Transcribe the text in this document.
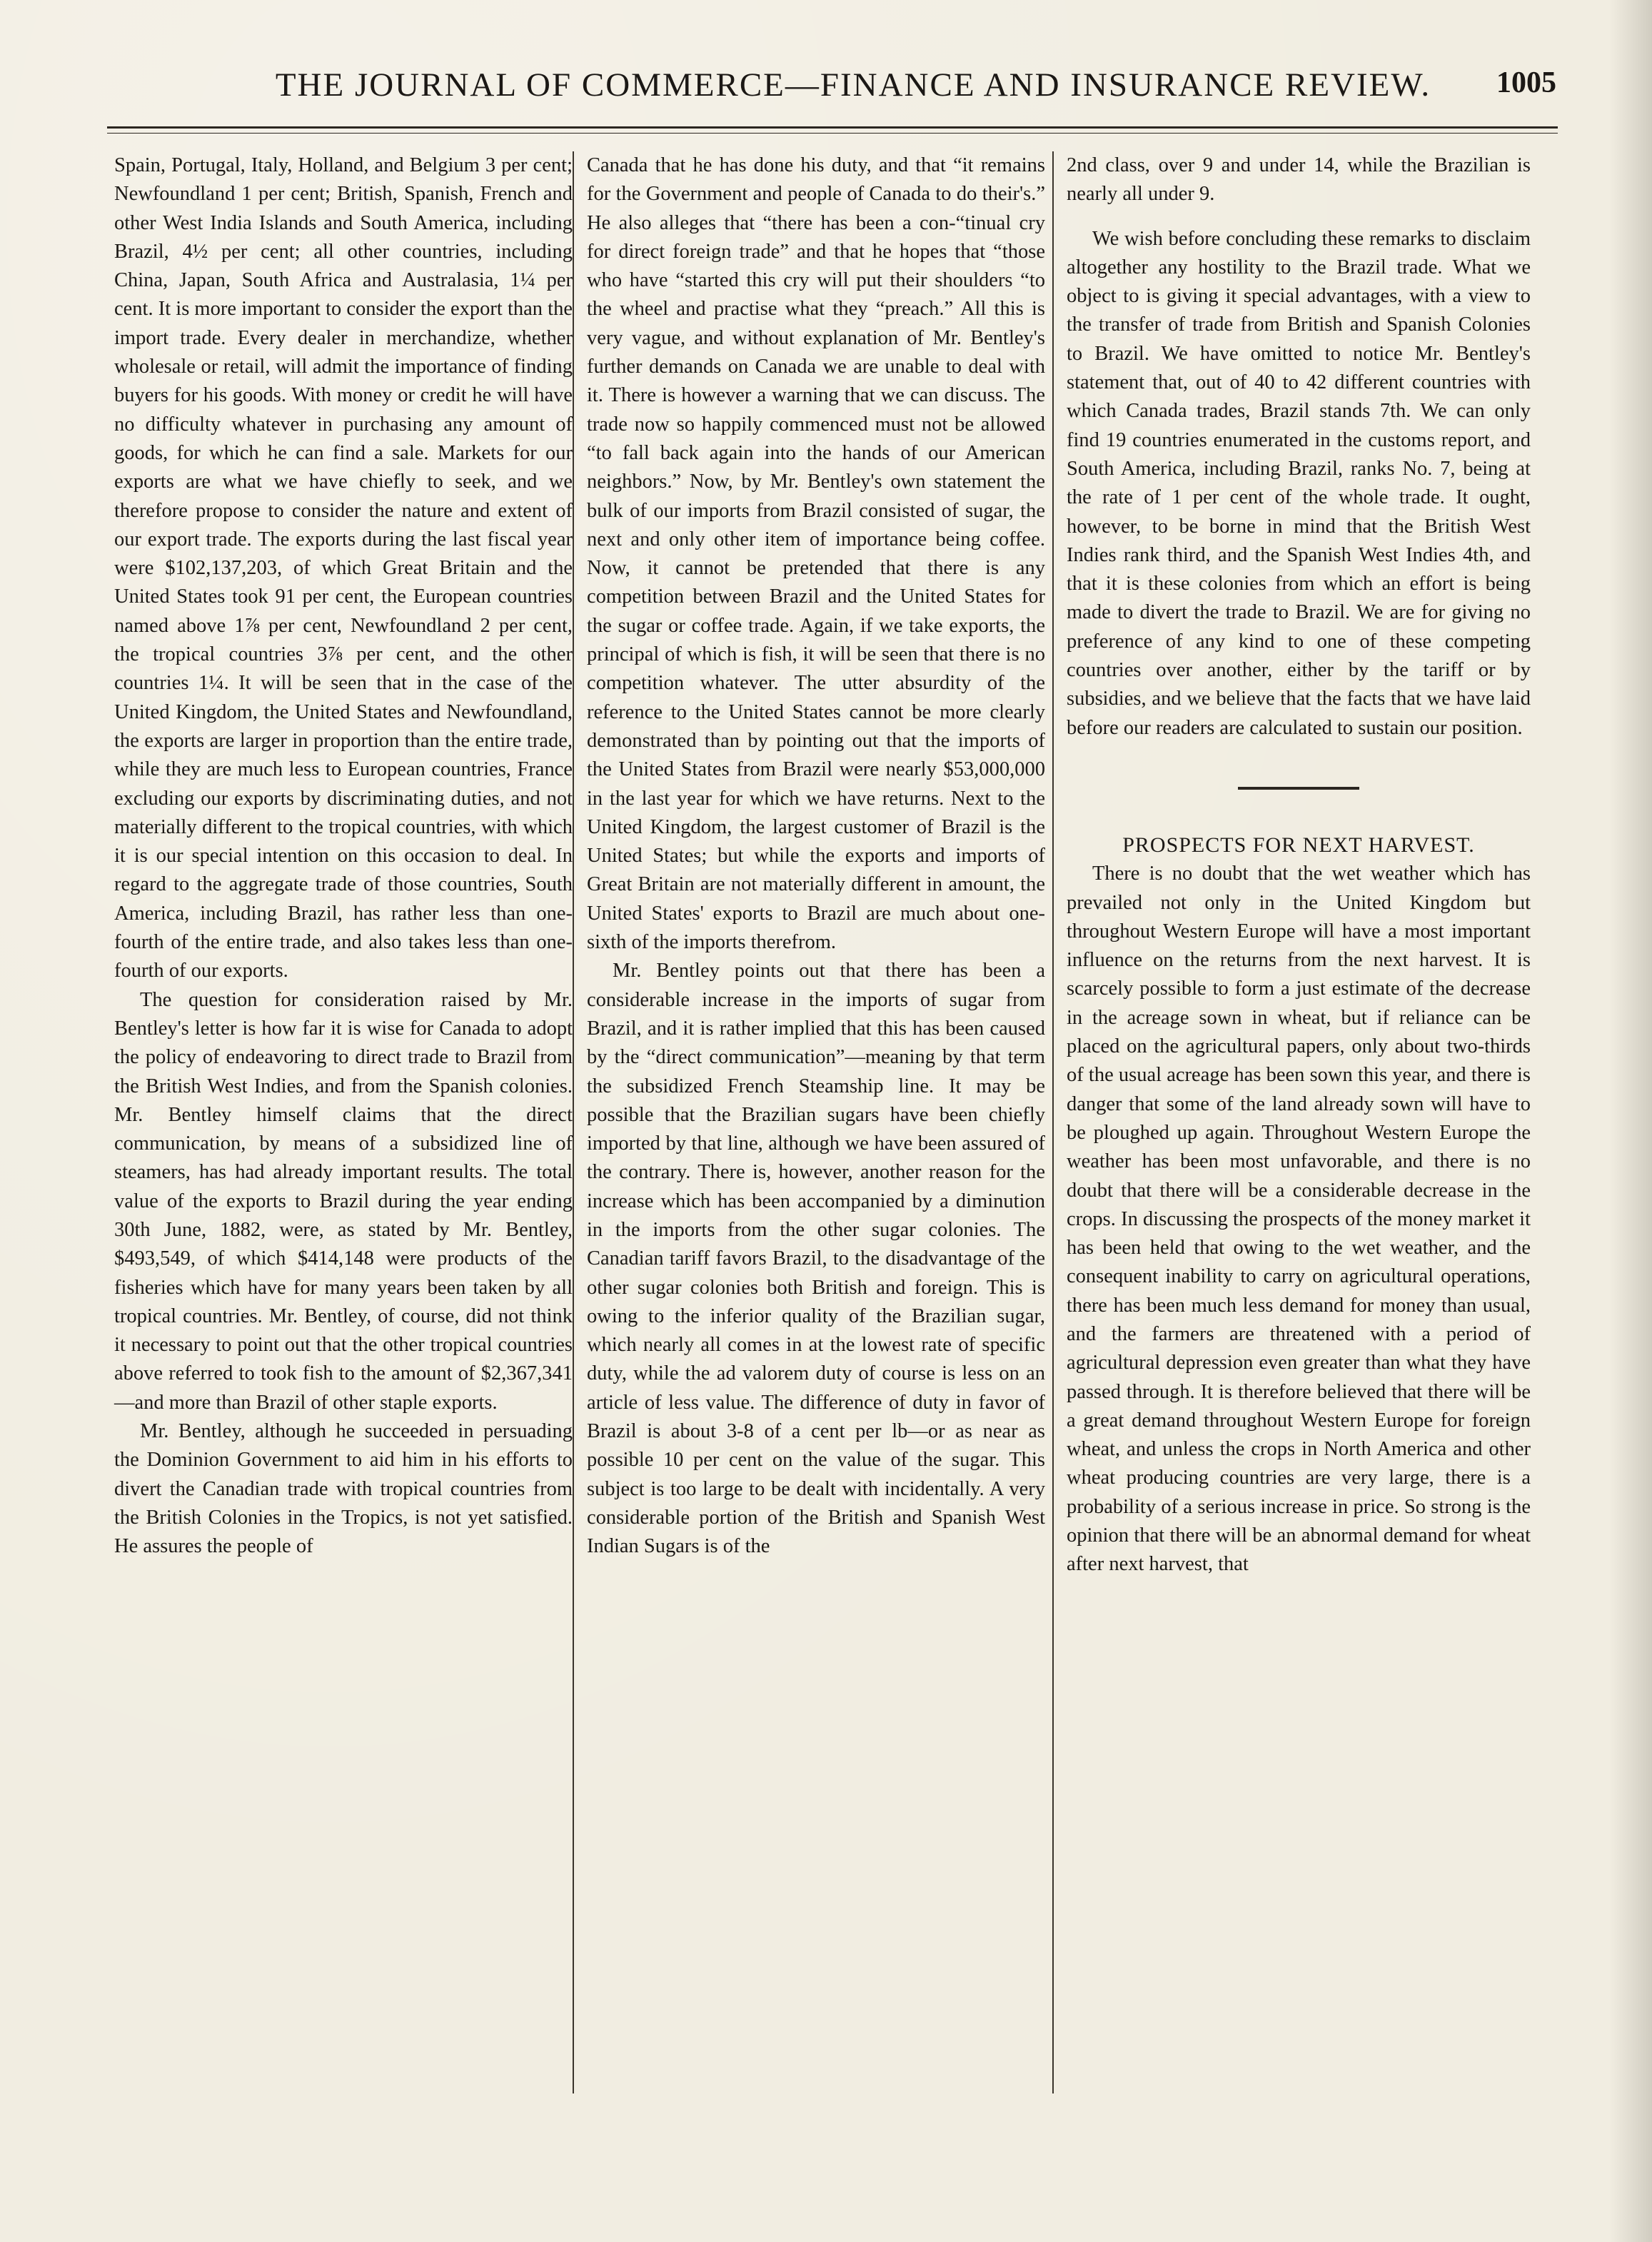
THE JOURNAL OF COMMERCE—FINANCE AND INSURANCE REVIEW.	1005

Spain, Portugal, Italy, Holland, and Belgium 3 per cent; Newfoundland 1 per cent; British, Spanish, French and other West India Islands and South America, including Brazil, 4½ per cent; all other countries, including China, Japan, South Africa and Australasia, 1¼ per cent. It is more important to consider the export than the import trade. Every dealer in merchandize, whether wholesale or retail, will admit the importance of finding buyers for his goods. With money or credit he will have no difficulty whatever in purchasing any amount of goods, for which he can find a sale. Markets for our exports are what we have chiefly to seek, and we therefore propose to consider the nature and extent of our export trade. The exports during the last fiscal year were $102,137,203, of which Great Britain and the United States took 91 per cent, the European countries named above 1⅞ per cent, Newfoundland 2 per cent, the tropical countries 3⅞ per cent, and the other countries 1¼. It will be seen that in the case of the United Kingdom, the United States and Newfoundland, the exports are larger in proportion than the entire trade, while they are much less to European countries, France excluding our exports by discriminating duties, and not materially different to the tropical countries, with which it is our special intention on this occasion to deal. In regard to the aggregate trade of those countries, South America, including Brazil, has rather less than one-fourth of the entire trade, and also takes less than one-fourth of our exports.

The question for consideration raised by Mr. Bentley's letter is how far it is wise for Canada to adopt the policy of endeavoring to direct trade to Brazil from the British West Indies, and from the Spanish colonies. Mr. Bentley himself claims that the direct communication, by means of a subsidized line of steamers, has had already important results. The total value of the exports to Brazil during the year ending 30th June, 1882, were, as stated by Mr. Bentley, $493,549, of which $414,148 were products of the fisheries which have for many years been taken by all tropical countries. Mr. Bentley, of course, did not think it necessary to point out that the other tropical countries above referred to took fish to the amount of $2,367,341—and more than Brazil of other staple exports.

Mr. Bentley, although he succeeded in persuading the Dominion Government to aid him in his efforts to divert the Canadian trade with tropical countries from the British Colonies in the Tropics, is not yet satisfied. He assures the people of

Canada that he has done his duty, and that “it remains for the Government and people of Canada to do their's.” He also alleges that “there has been a con-“tinual cry for direct foreign trade” and that he hopes that “those who have “started this cry will put their shoulders “to the wheel and practise what they “preach.” All this is very vague, and without explanation of Mr. Bentley's further demands on Canada we are unable to deal with it. There is however a warning that we can discuss. The trade now so happily commenced must not be allowed “to fall back again into the hands of our American neighbors.” Now, by Mr. Bentley's own statement the bulk of our imports from Brazil consisted of sugar, the next and only other item of importance being coffee. Now, it cannot be pretended that there is any competition between Brazil and the United States for the sugar or coffee trade. Again, if we take exports, the principal of which is fish, it will be seen that there is no competition whatever. The utter absurdity of the reference to the United States cannot be more clearly demonstrated than by pointing out that the imports of the United States from Brazil were nearly $53,000,000 in the last year for which we have returns. Next to the United Kingdom, the largest customer of Brazil is the United States; but while the exports and imports of Great Britain are not materially different in amount, the United States' exports to Brazil are much about one-sixth of the imports therefrom.

Mr. Bentley points out that there has been a considerable increase in the imports of sugar from Brazil, and it is rather implied that this has been caused by the “direct communication”—meaning by that term the subsidized French Steamship line. It may be possible that the Brazilian sugars have been chiefly imported by that line, although we have been assured of the contrary. There is, however, another reason for the increase which has been accompanied by a diminution in the imports from the other sugar colonies. The Canadian tariff favors Brazil, to the disadvantage of the other sugar colonies both British and foreign. This is owing to the inferior quality of the Brazilian sugar, which nearly all comes in at the lowest rate of specific duty, while the ad valorem duty of course is less on an article of less value. The difference of duty in favor of Brazil is about 3-8 of a cent per lb—or as near as possible 10 per cent on the value of the sugar. This subject is too large to be dealt with incidentally. A very considerable portion of the British and Spanish West Indian Sugars is of the

2nd class, over 9 and under 14, while the Brazilian is nearly all under 9.

We wish before concluding these remarks to disclaim altogether any hostility to the Brazil trade. What we object to is giving it special advantages, with a view to the transfer of trade from British and Spanish Colonies to Brazil. We have omitted to notice Mr. Bentley's statement that, out of 40 to 42 different countries with which Canada trades, Brazil stands 7th. We can only find 19 countries enumerated in the customs report, and South America, including Brazil, ranks No. 7, being at the rate of 1 per cent of the whole trade. It ought, however, to be borne in mind that the British West Indies rank third, and the Spanish West Indies 4th, and that it is these colonies from which an effort is being made to divert the trade to Brazil. We are for giving no preference of any kind to one of these competing countries over another, either by the tariff or by subsidies, and we believe that the facts that we have laid before our readers are calculated to sustain our position.

PROSPECTS FOR NEXT HARVEST.

There is no doubt that the wet weather which has prevailed not only in the United Kingdom but throughout Western Europe will have a most important influence on the returns from the next harvest. It is scarcely possible to form a just estimate of the decrease in the acreage sown in wheat, but if reliance can be placed on the agricultural papers, only about two-thirds of the usual acreage has been sown this year, and there is danger that some of the land already sown will have to be ploughed up again. Throughout Western Europe the weather has been most unfavorable, and there is no doubt that there will be a considerable decrease in the crops. In discussing the prospects of the money market it has been held that owing to the wet weather, and the consequent inability to carry on agricultural operations, there has been much less demand for money than usual, and the farmers are threatened with a period of agricultural depression even greater than what they have passed through. It is therefore believed that there will be a great demand throughout Western Europe for foreign wheat, and unless the crops in North America and other wheat producing countries are very large, there is a probability of a serious increase in price. So strong is the opinion that there will be an abnormal demand for wheat after next harvest, that
